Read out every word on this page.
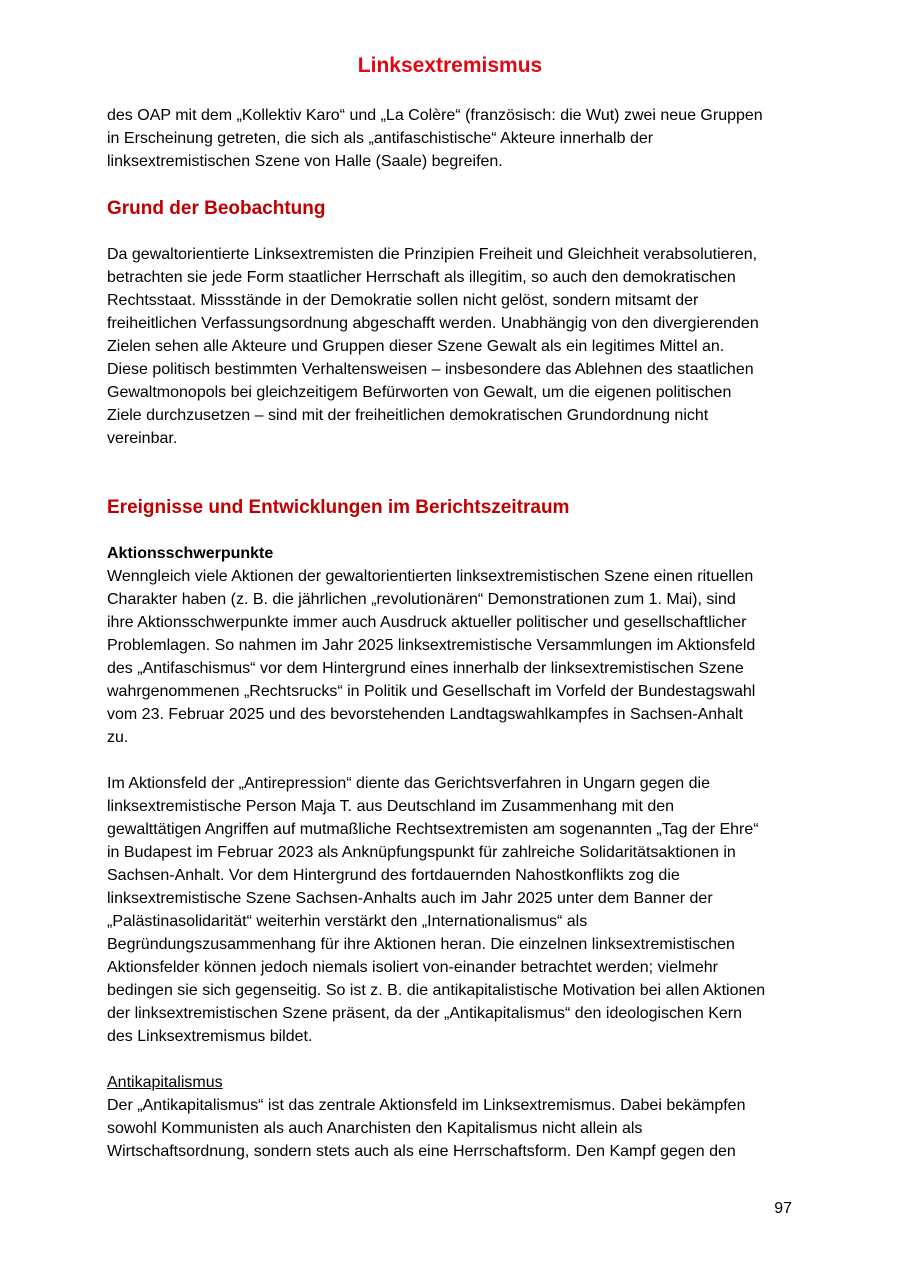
Linksextremismus
des OAP mit dem „Kollektiv Karo“ und „La Colère“ (französisch: die Wut) zwei neue Gruppen
in Erscheinung getreten, die sich als „antifaschistische“ Akteure innerhalb der
linksextremistischen Szene von Halle (Saale) begreifen.
Grund der Beobachtung
Da gewaltorientierte Linksextremisten die Prinzipien Freiheit und Gleichheit verabsolutieren,
betrachten sie jede Form staatlicher Herrschaft als illegitim, so auch den demokratischen
Rechtsstaat. Missstände in der Demokratie sollen nicht gelöst, sondern mitsamt der
freiheitlichen Verfassungsordnung abgeschafft werden. Unabhängig von den divergierenden
Zielen sehen alle Akteure und Gruppen dieser Szene Gewalt als ein legitimes Mittel an.
Diese politisch bestimmten Verhaltensweisen – insbesondere das Ablehnen des staatlichen
Gewaltmonopols bei gleichzeitigem Befürworten von Gewalt, um die eigenen politischen
Ziele durchzusetzen – sind mit der freiheitlichen demokratischen Grundordnung nicht
vereinbar.
Ereignisse und Entwicklungen im Berichtszeitraum
Aktionsschwerpunkte
Wenngleich viele Aktionen der gewaltorientierten linksextremistischen Szene einen rituellen
Charakter haben (z. B. die jährlichen „revolutionären“ Demonstrationen zum 1. Mai), sind
ihre Aktionsschwerpunkte immer auch Ausdruck aktueller politischer und gesellschaftlicher
Problemlagen. So nahmen im Jahr 2025 linksextremistische Versammlungen im Aktionsfeld
des „Antifaschismus“ vor dem Hintergrund eines innerhalb der linksextremistischen Szene
wahrgenommenen „Rechtsrucks“ in Politik und Gesellschaft im Vorfeld der Bundestagswahl
vom 23. Februar 2025 und des bevorstehenden Landtagswahlkampfes in Sachsen-Anhalt
zu.
Im Aktionsfeld der „Antirepression“ diente das Gerichtsverfahren in Ungarn gegen die
linksextremistische Person Maja T. aus Deutschland im Zusammenhang mit den
gewalttätigen Angriffen auf mutmaßliche Rechtsextremisten am sogenannten „Tag der Ehre“
in Budapest im Februar 2023 als Anknüpfungspunkt für zahlreiche Solidaritätsaktionen in
Sachsen-Anhalt. Vor dem Hintergrund des fortdauernden Nahostkonflikts zog die
linksextremistische Szene Sachsen-Anhalts auch im Jahr 2025 unter dem Banner der
„Palästinasolidarität“ weiterhin verstärkt den „Internationalismus“ als
Begründungszusammenhang für ihre Aktionen heran. Die einzelnen linksextremistischen
Aktionsfelder können jedoch niemals isoliert von-einander betrachtet werden; vielmehr
bedingen sie sich gegenseitig. So ist z. B. die antikapitalistische Motivation bei allen Aktionen
der linksextremistischen Szene präsent, da der „Antikapitalismus“ den ideologischen Kern
des Linksextremismus bildet.
Antikapitalismus
Der „Antikapitalismus“ ist das zentrale Aktionsfeld im Linksextremismus. Dabei bekämpfen
sowohl Kommunisten als auch Anarchisten den Kapitalismus nicht allein als
Wirtschaftsordnung, sondern stets auch als eine Herrschaftsform. Den Kampf gegen den
97
